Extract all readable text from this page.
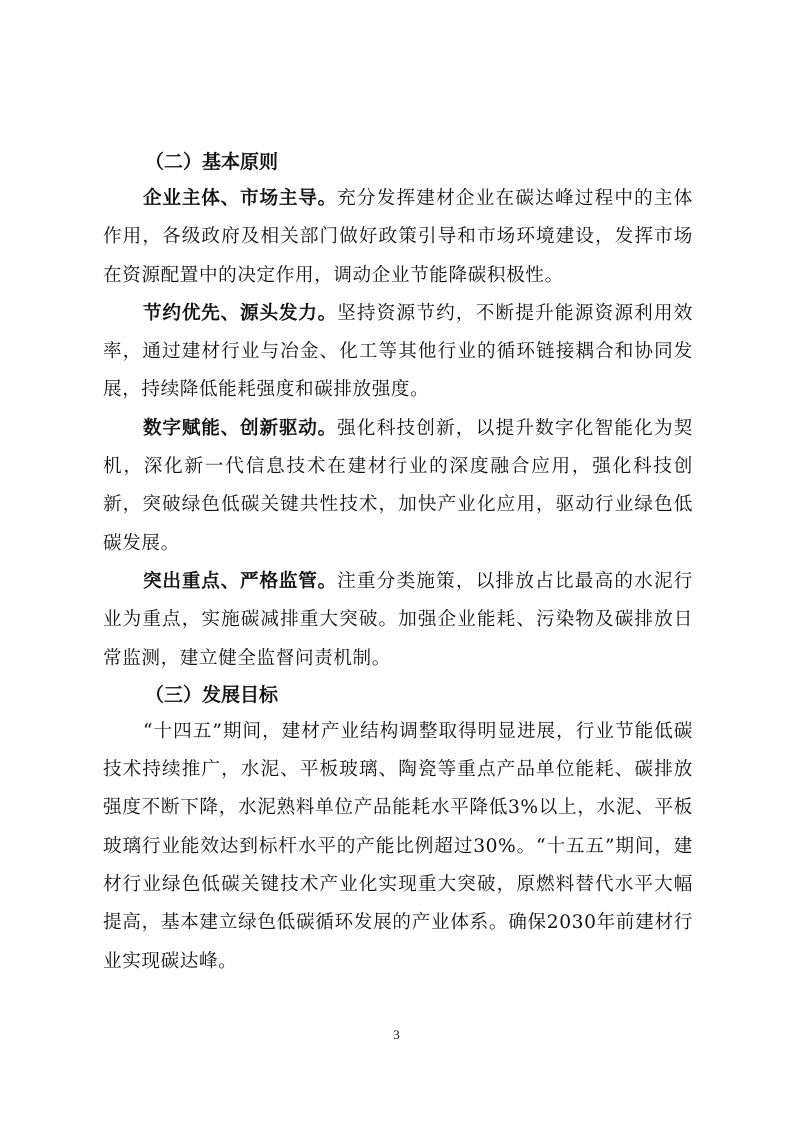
（二）基本原则

企业主体、市场主导。充分发挥建材企业在碳达峰过程中的主体作用，各级政府及相关部门做好政策引导和市场环境建设，发挥市场在资源配置中的决定作用，调动企业节能降碳积极性。

节约优先、源头发力。坚持资源节约，不断提升能源资源利用效率，通过建材行业与冶金、化工等其他行业的循环链接耦合和协同发展，持续降低能耗强度和碳排放强度。

数字赋能、创新驱动。强化科技创新，以提升数字化智能化为契机，深化新一代信息技术在建材行业的深度融合应用，强化科技创新，突破绿色低碳关键共性技术，加快产业化应用，驱动行业绿色低碳发展。

突出重点、严格监管。注重分类施策，以排放占比最高的水泥行业为重点，实施碳减排重大突破。加强企业能耗、污染物及碳排放日常监测，建立健全监督问责机制。

（三）发展目标

“十四五”期间，建材产业结构调整取得明显进展，行业节能低碳技术持续推广，水泥、平板玻璃、陶瓷等重点产品单位能耗、碳排放强度不断下降，水泥熟料单位产品能耗水平降低3%以上，水泥、平板玻璃行业能效达到标杆水平的产能比例超过30%。“十五五”期间，建材行业绿色低碳关键技术产业化实现重大突破，原燃料替代水平大幅提高，基本建立绿色低碳循环发展的产业体系。确保2030年前建材行业实现碳达峰。

3
